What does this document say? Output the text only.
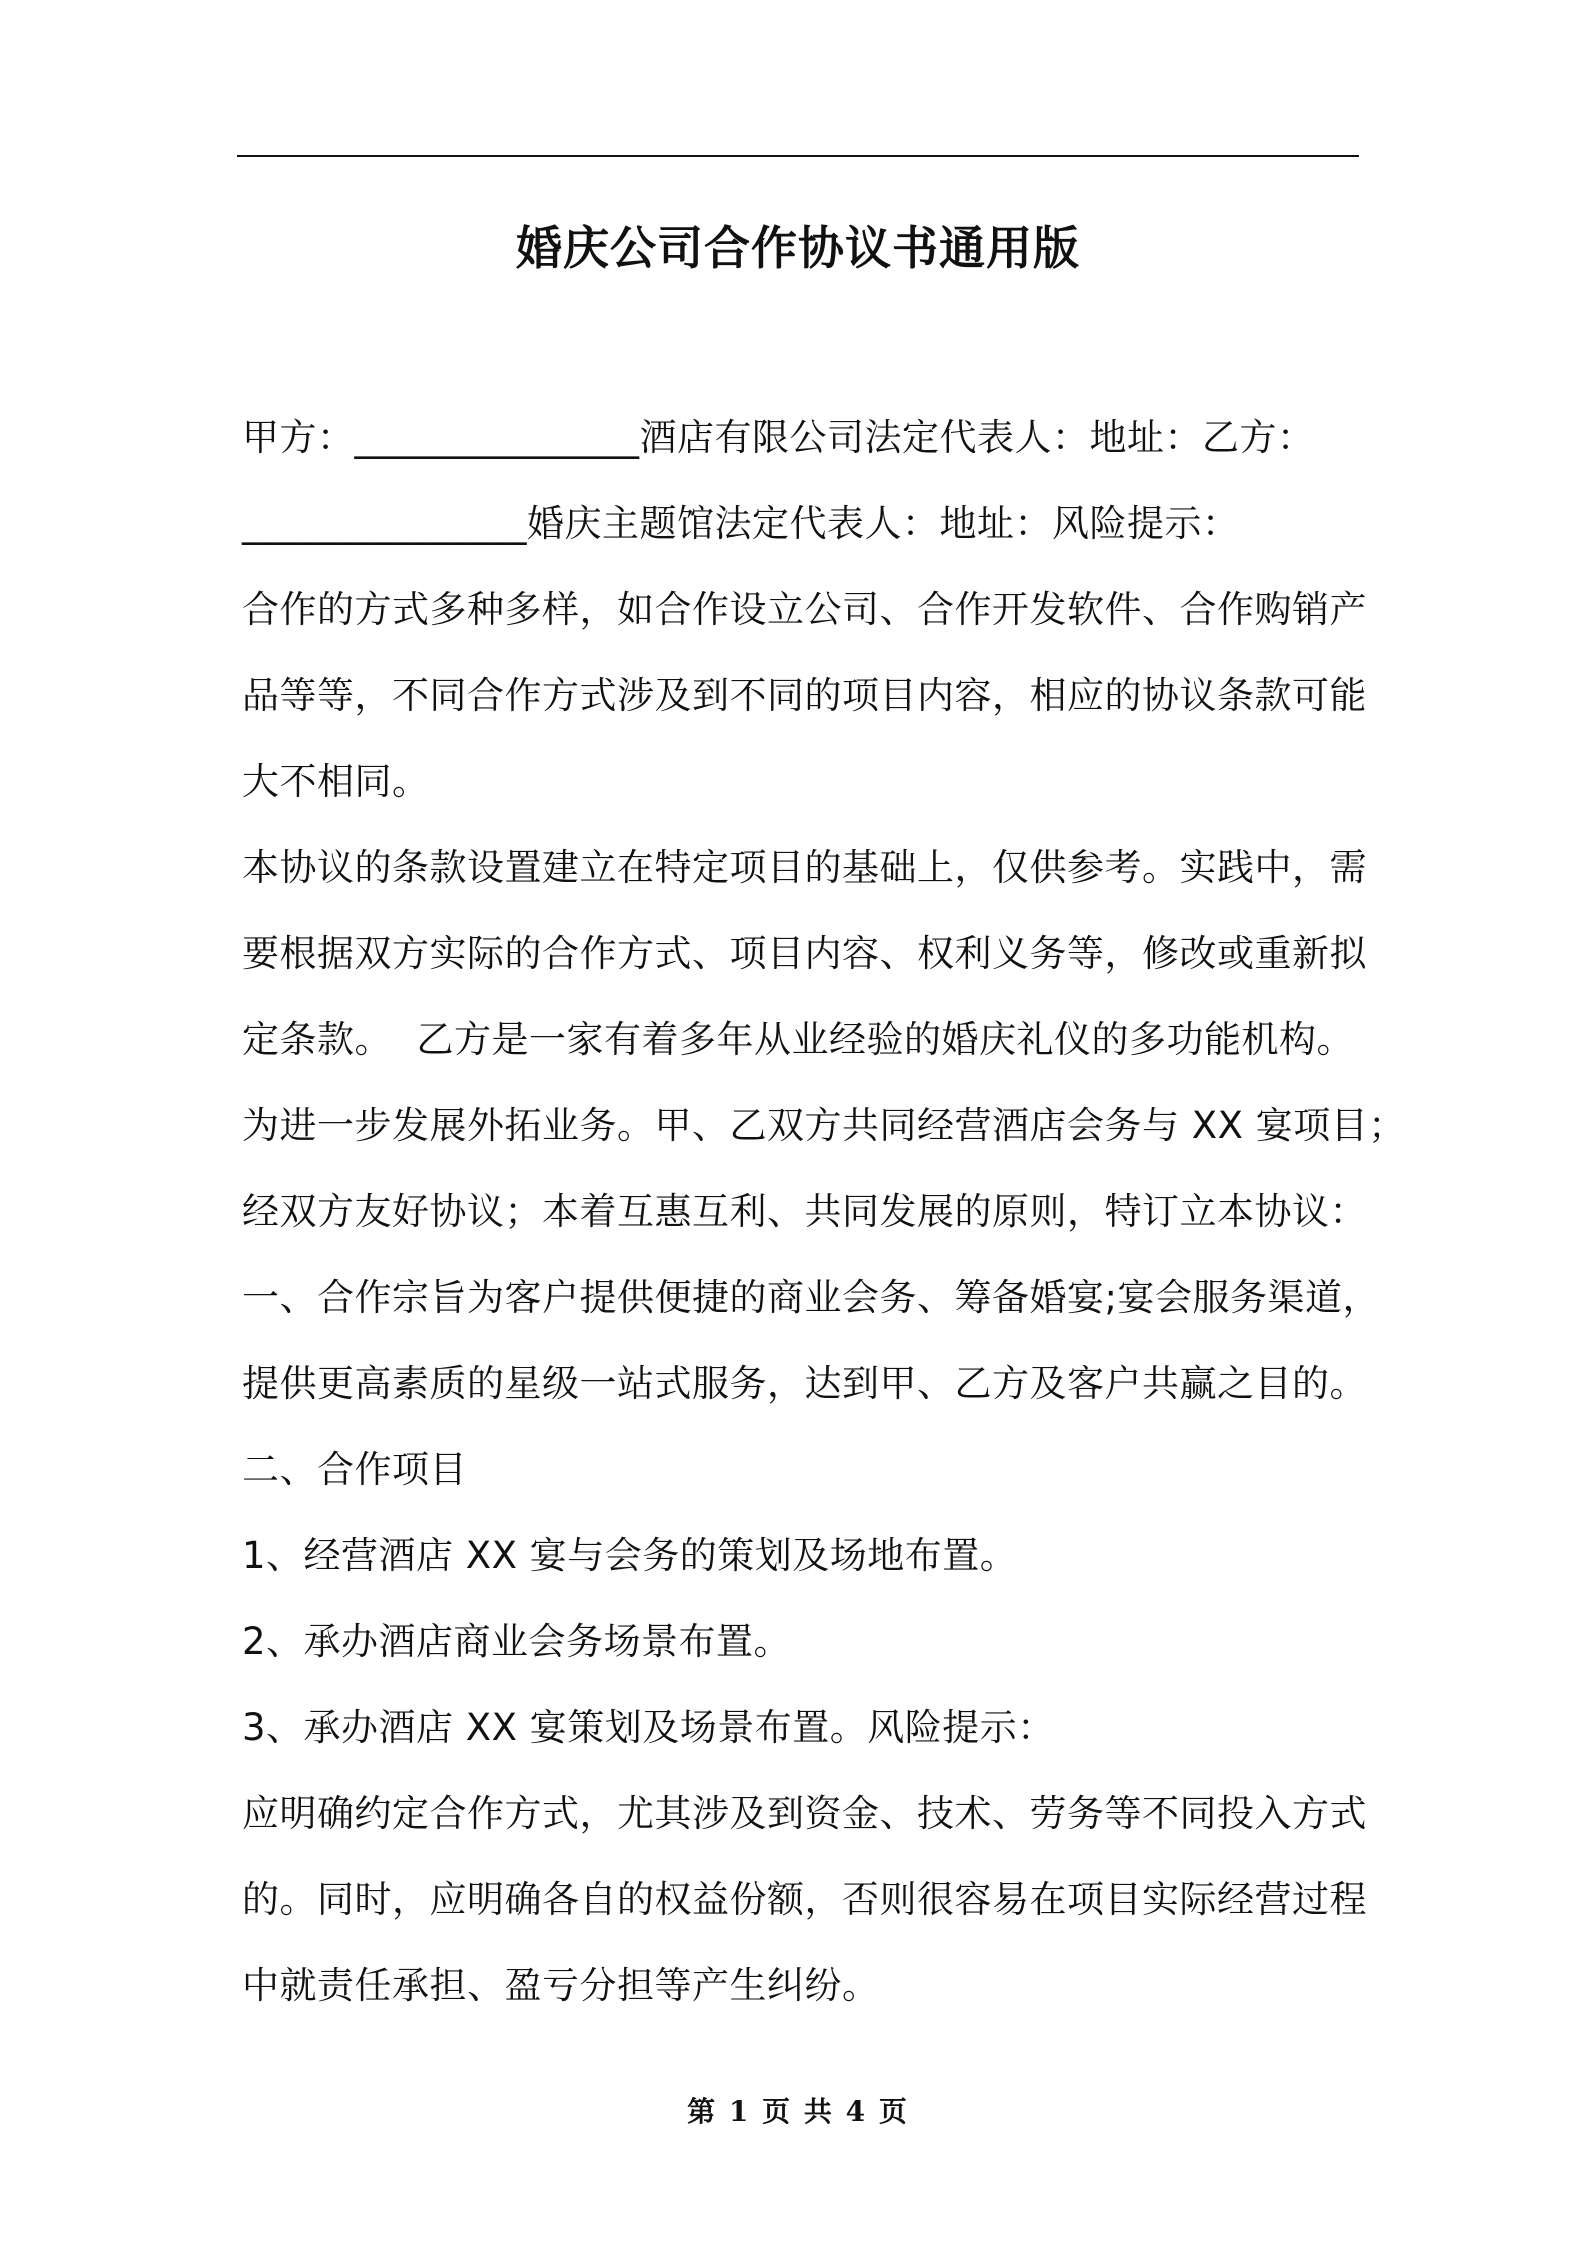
婚庆公司合作协议书通用版
甲方：_______________酒店有限公司法定代表人：地址：乙方：
_______________婚庆主题馆法定代表人：地址：风险提示：
合作的方式多种多样，如合作设立公司、合作开发软件、合作购销产
品等等，不同合作方式涉及到不同的项目内容，相应的协议条款可能
大不相同。
本协议的条款设置建立在特定项目的基础上，仅供参考。实践中，需
要根据双方实际的合作方式、项目内容、权利义务等，修改或重新拟
定条款。  乙方是一家有着多年从业经验的婚庆礼仪的多功能机构。
为进一步发展外拓业务。甲、乙双方共同经营酒店会务与 XX 宴项目；
经双方友好协议；本着互惠互利、共同发展的原则，特订立本协议：
一、合作宗旨为客户提供便捷的商业会务、筹备婚宴;宴会服务渠道，
提供更高素质的星级一站式服务，达到甲、乙方及客户共赢之目的。
二、合作项目
1、经营酒店 XX 宴与会务的策划及场地布置。
2、承办酒店商业会务场景布置。
3、承办酒店 XX 宴策划及场景布置。风险提示：
应明确约定合作方式，尤其涉及到资金、技术、劳务等不同投入方式
的。同时，应明确各自的权益份额，否则很容易在项目实际经营过程
中就责任承担、盈亏分担等产生纠纷。
第 1 页 共 4 页
